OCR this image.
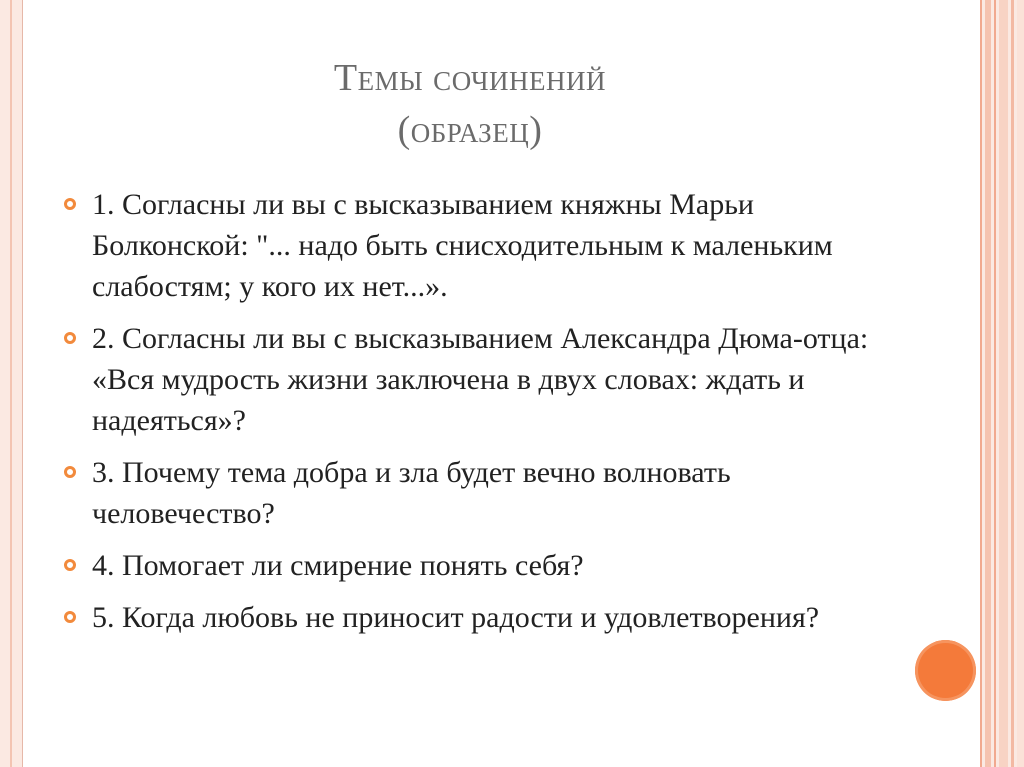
Темы сочинений
(образец)
1. Согласны ли вы с высказыванием княжны Марьи Болконской: "... надо быть снисходительным к маленьким слабостям; у кого их нет...».
2. Согласны ли вы с высказыванием Александра Дюма-отца: «Вся мудрость жизни заключена в двух словах: ждать и надеяться»?
3. Почему тема добра и зла будет вечно волновать человечество?
4. Помогает ли смирение понять себя?
5. Когда любовь не приносит радости и удовлетворения?
